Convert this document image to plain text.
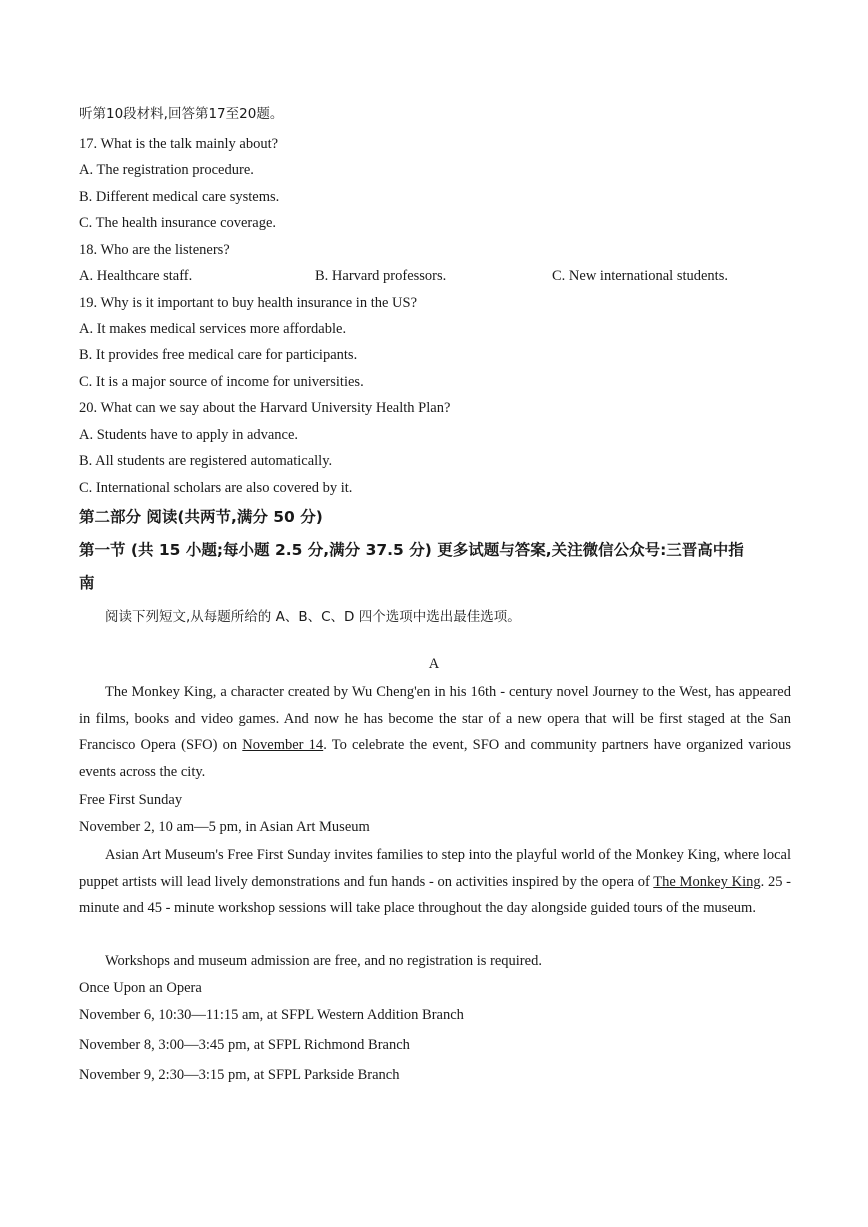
听第10段材料,回答第17至20题。
17. What is the talk mainly about?
A. The registration procedure.
B. Different medical care systems.
C. The health insurance coverage.
18. Who are the listeners?
A. Healthcare staff.	B. Harvard professors.	C. New international students.
19. Why is it important to buy health insurance in the US?
A. It makes medical services more affordable.
B. It provides free medical care for participants.
C. It is a major source of income for universities.
20. What can we say about the Harvard University Health Plan?
A. Students have to apply in advance.
B. All students are registered automatically.
C. International scholars are also covered by it.
第二部分 阅读(共两节,满分 50 分)
第一节 (共 15 小题;每小题 2.5 分,满分 37.5 分) 更多试题与答案,关注微信公众号:三晋高中指
南
阅读下列短文,从每题所给的 A、B、C、D 四个选项中选出最佳选项。
A
The Monkey King, a character created by Wu Cheng'en in his 16th - century novel Journey to the West, has appeared in films, books and video games. And now he has become the star of a new opera that will be first staged at the San Francisco Opera (SFO) on November 14. To celebrate the event, SFO and community partners have organized various events across the city.
Free First Sunday
November 2, 10 am—5 pm, in Asian Art Museum
Asian Art Museum's Free First Sunday invites families to step into the playful world of the Monkey King, where local puppet artists will lead lively demonstrations and fun hands - on activities inspired by the opera of The Monkey King. 25 - minute and 45 - minute workshop sessions will take place throughout the day alongside guided tours of the museum.
Workshops and museum admission are free, and no registration is required.
Once Upon an Opera
November 6, 10:30—11:15 am, at SFPL Western Addition Branch
November 8, 3:00—3:45 pm, at SFPL Richmond Branch
November 9, 2:30—3:15 pm, at SFPL Parkside Branch
